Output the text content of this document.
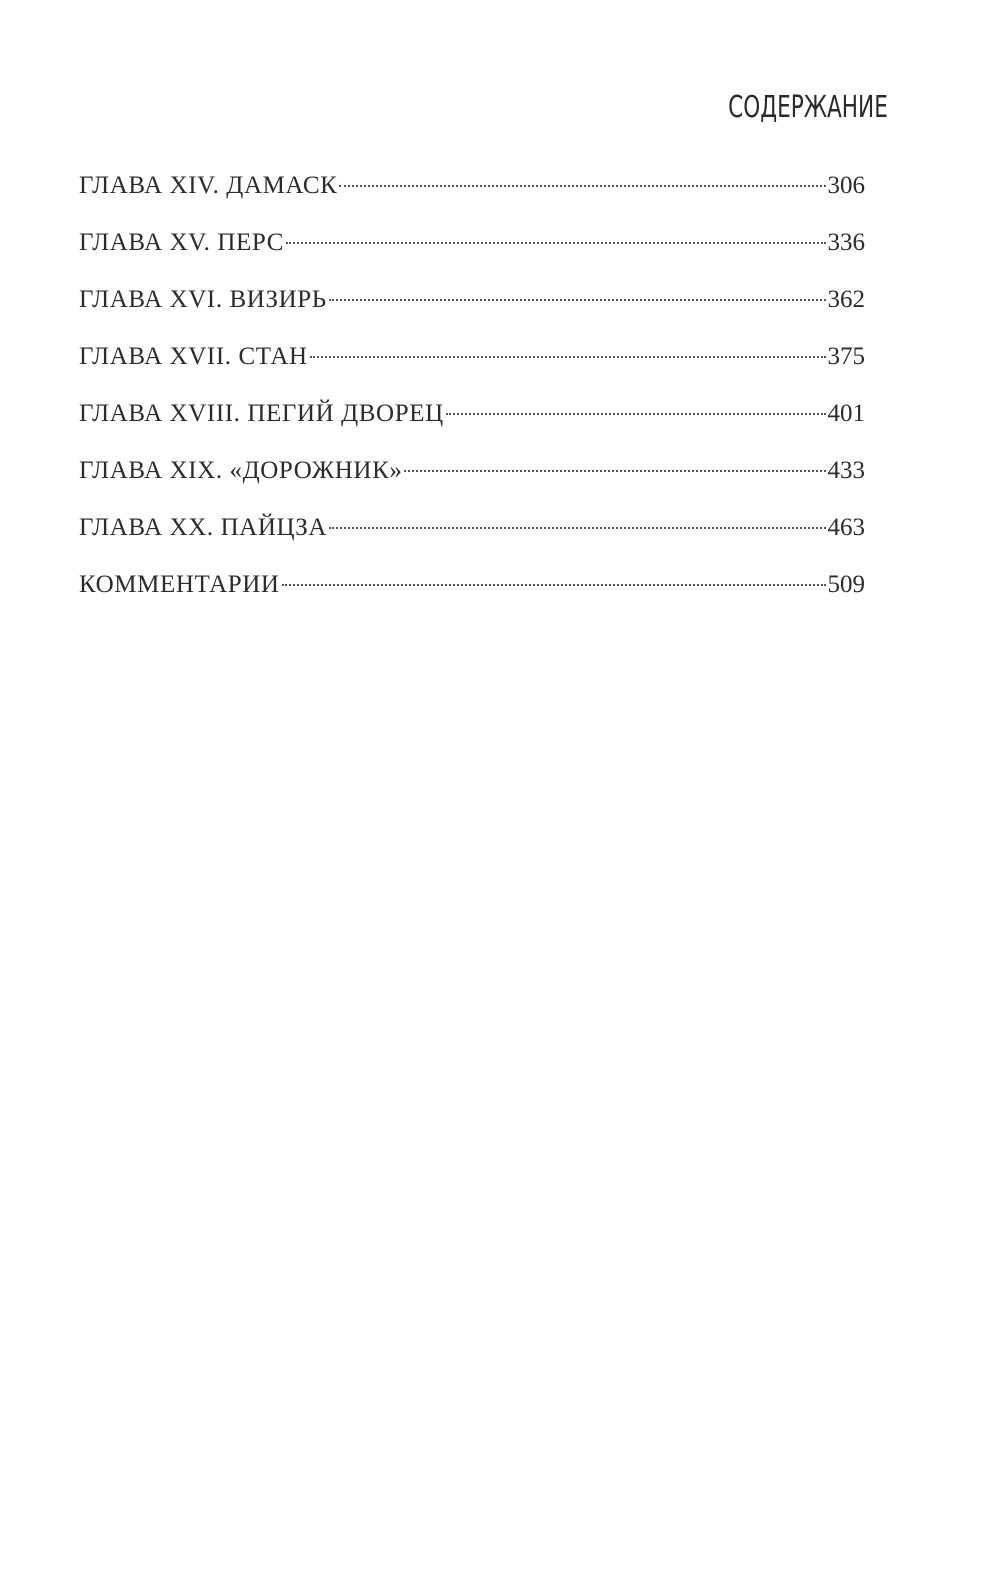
СОДЕРЖАНИЕ
ГЛАВА XIV. ДАМАСК	306
ГЛАВА XV. ПЕРС	336
ГЛАВА XVI. ВИЗИРЬ	362
ГЛАВА XVII. СТАН	375
ГЛАВА XVIII. ПЕГИЙ ДВОРЕЦ	401
ГЛАВА XIX. «ДОРОЖНИК»	433
ГЛАВА XX. ПАЙЦЗА	463
КОММЕНТАРИИ	509
